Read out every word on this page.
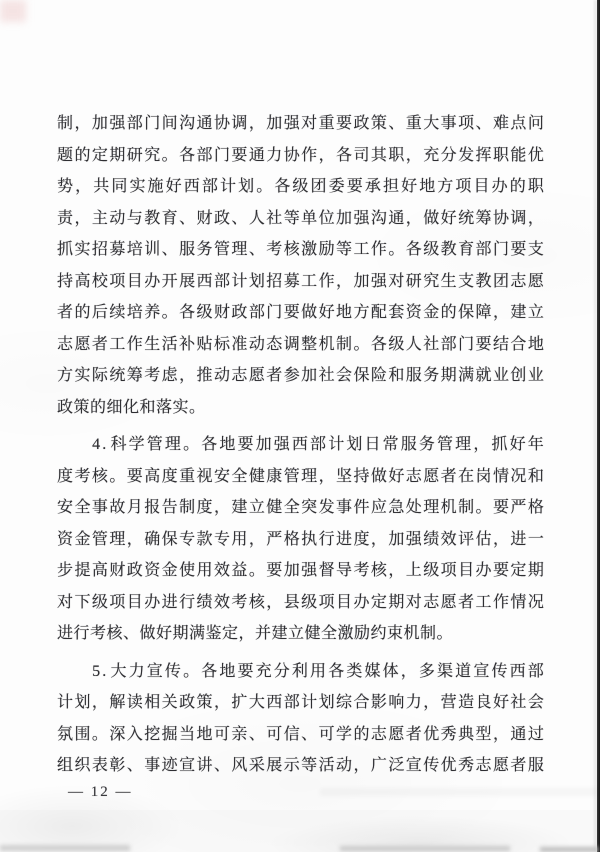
制 ， 加 强 部 门 间 沟 通 协 调 ， 加 强 对 重 要 政 策 、 重 大 事 项 、 难 点 问
题 的 定 期 研 究 。 各 部 门 要 通 力 协 作 ， 各 司 其 职 ， 充 分 发 挥 职 能 优
势 ， 共 同 实 施 好 西 部 计 划 。 各 级 团 委 要 承 担 好 地 方 项 目 办 的 职
责 ， 主 动 与 教 育 、 财 政 、 人 社 等 单 位 加 强 沟 通 ， 做 好 统 筹 协 调 ，
抓 实 招 募 培 训 、 服 务 管 理 、 考 核 激 励 等 工 作 。 各 级 教 育 部 门 要 支
持 高 校 项 目 办 开 展 西 部 计 划 招 募 工 作 ， 加 强 对 研 究 生 支 教 团 志 愿
者 的 后 续 培 养 。 各 级 财 政 部 门 要 做 好 地 方 配 套 资 金 的 保 障 ， 建 立
志 愿 者 工 作 生 活 补 贴 标 准 动 态 调 整 机 制 。 各 级 人 社 部 门 要 结 合 地
方 实 际 统 筹 考 虑 ， 推 动 志 愿 者 参 加 社 会 保 险 和 服 务 期 满 就 业 创 业
政策的细化和落实。
4 . 科 学 管 理 。 各 地 要 加 强 西 部 计 划 日 常 服 务 管 理 ， 抓 好 年
度 考 核 。 要 高 度 重 视 安 全 健 康 管 理 ， 坚 持 做 好 志 愿 者 在 岗 情 况 和
安 全 事 故 月 报 告 制 度 ， 建 立 健 全 突 发 事 件 应 急 处 理 机 制 。 要 严 格
资 金 管 理 ， 确 保 专 款 专 用 ， 严 格 执 行 进 度 ， 加 强 绩 效 评 估 ， 进 一
步 提 高 财 政 资 金 使 用 效 益 。 要 加 强 督 导 考 核 ， 上 级 项 目 办 要 定 期
对 下 级 项 目 办 进 行 绩 效 考 核 ， 县 级 项 目 办 定 期 对 志 愿 者 工 作 情 况
进行考核、做好期满鉴定，并建立健全激励约束机制。
5 . 大 力 宣 传 。 各 地 要 充 分 利 用 各 类 媒 体 ， 多 渠 道 宣 传 西 部
计 划 ， 解 读 相 关 政 策 ， 扩 大 西 部 计 划 综 合 影 响 力 ， 营 造 良 好 社 会
氛 围 。 深 入 挖 掘 当 地 可 亲 、 可 信 、 可 学 的 志 愿 者 优 秀 典 型 ， 通 过
组 织 表 彰 、 事 迹 宣 讲 、 风 采 展 示 等 活 动 ， 广 泛 宣 传 优 秀 志 愿 者 服
— 12 —
